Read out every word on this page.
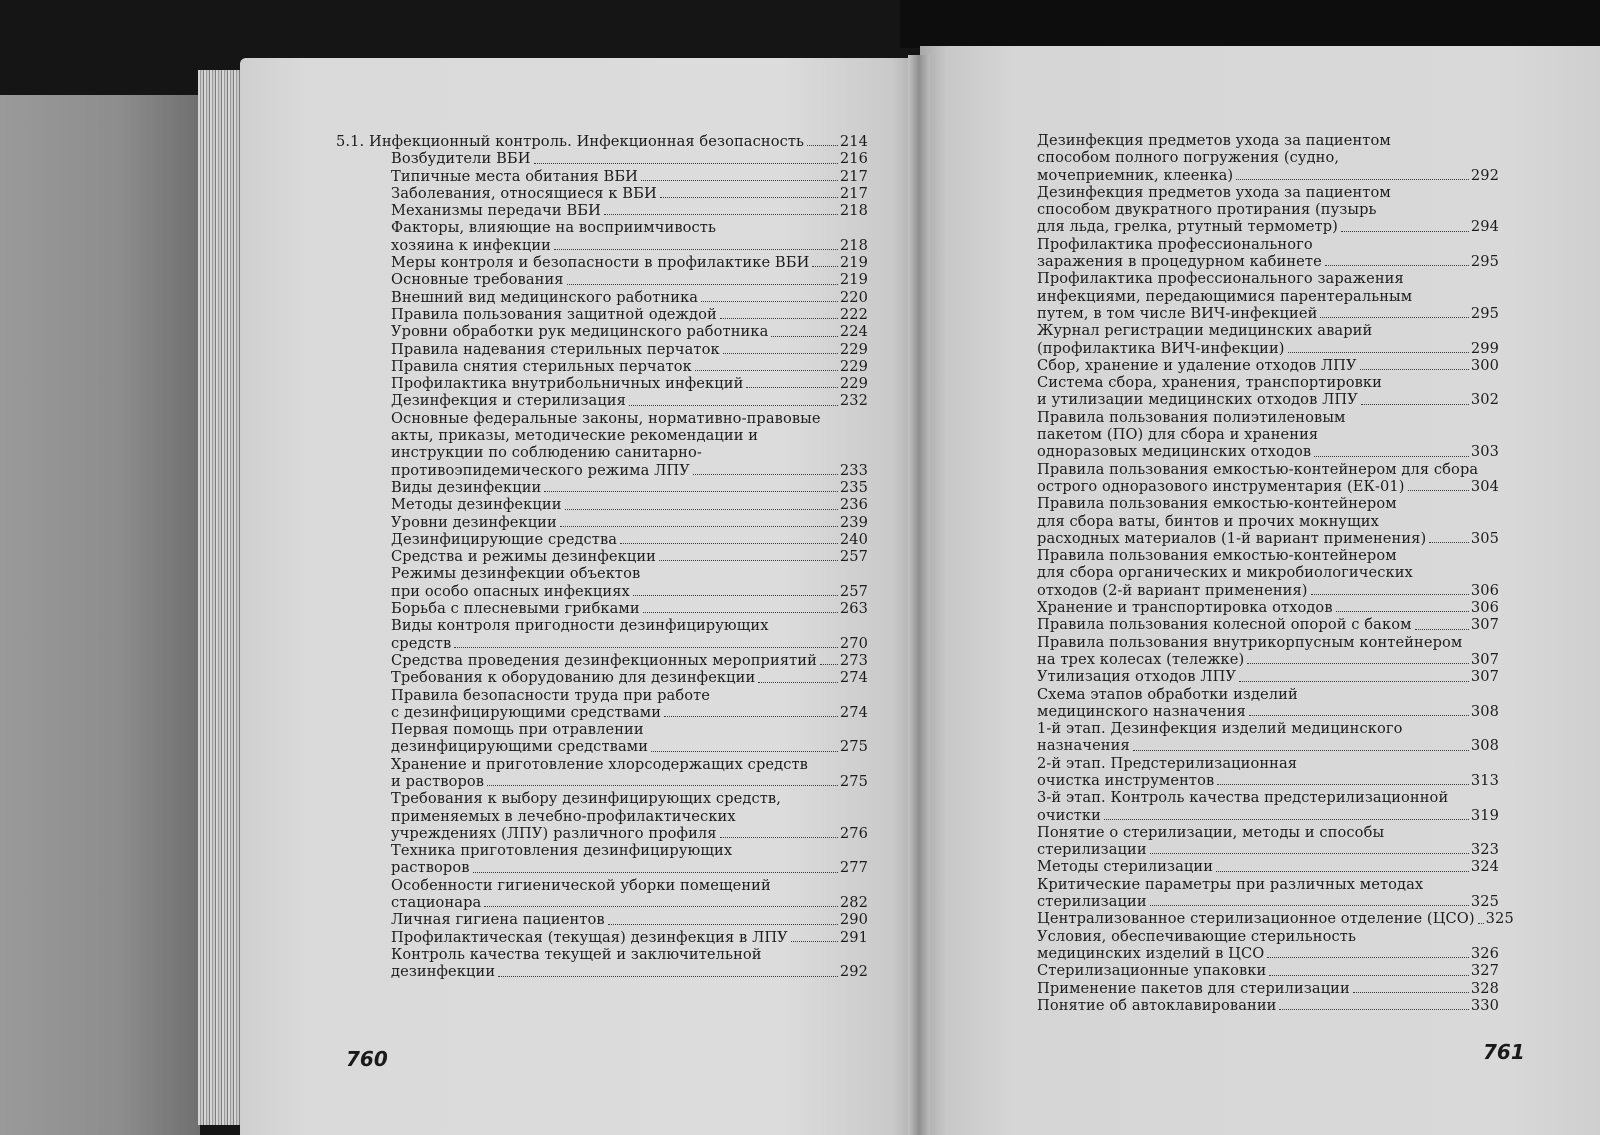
5.1. Инфекционный контроль. Инфекционная безопасность 214
Возбудители ВБИ	216
Типичные места обитания ВБИ	217
Заболевания, относящиеся к ВБИ	217
Механизмы передачи ВБИ	218
Факторы, влияющие на восприимчивость
хозяина к инфекции	218
Меры контроля и безопасности в профилактике ВБИ 219
Основные требования	219
Внешний вид медицинского работника	220
Правила пользования защитной одеждой	222
Уровни обработки рук медицинского работника	224
Правила надевания стерильных перчаток	229
Правила снятия стерильных перчаток	229
Профилактика внутрибольничных инфекций	229
Дезинфекция и стерилизация	232
Основные федеральные законы, нормативно-правовые
акты, приказы, методические рекомендации и
инструкции по соблюдению санитарно-
противоэпидемического режима ЛПУ	233
Виды дезинфекции	235
Методы дезинфекции	236
Уровни дезинфекции	239
Дезинфицирующие средства	240
Средства и режимы дезинфекции	257
Режимы дезинфекции объектов
при особо опасных инфекциях	257
Борьба с плесневыми грибками	263
Виды контроля пригодности дезинфицирующих
средств	270
Средства проведения дезинфекционных мероприятий 273
Требования к оборудованию для дезинфекции	274
Правила безопасности труда при работе
с дезинфицирующими средствами	274
Первая помощь при отравлении
дезинфицирующими средствами	275
Хранение и приготовление хлорсодержащих средств
и растворов	275
Требования к выбору дезинфицирующих средств,
применяемых в лечебно-профилактических
учреждениях (ЛПУ) различного профиля	276
Техника приготовления дезинфицирующих
растворов	277
Особенности гигиенической уборки помещений
стационара	282
Личная гигиена пациентов	290
Профилактическая (текущая) дезинфекция в ЛПУ	291
Контроль качества текущей и заключительной
дезинфекции	292
Дезинфекция предметов ухода за пациентом
способом полного погружения (судно,
мочеприемник, клеенка)	292
Дезинфекция предметов ухода за пациентом
способом двукратного протирания (пузырь
для льда, грелка, ртутный термометр)	294
Профилактика профессионального
заражения в процедурном кабинете	295
Профилактика профессионального заражения
инфекциями, передающимися парентеральным
путем, в том числе ВИЧ-инфекцией	295
Журнал регистрации медицинских аварий
(профилактика ВИЧ-инфекции)	299
Сбор, хранение и удаление отходов ЛПУ	300
Система сбора, хранения, транспортировки
и утилизации медицинских отходов ЛПУ	302
Правила пользования полиэтиленовым
пакетом (ПО) для сбора и хранения
одноразовых медицинских отходов	303
Правила пользования емкостью-контейнером для сбора
острого одноразового инструментария (ЕК-01)	304
Правила пользования емкостью-контейнером
для сбора ваты, бинтов и прочих мокнущих
расходных материалов (1-й вариант применения)	305
Правила пользования емкостью-контейнером
для сбора органических и микробиологических
отходов (2-й вариант применения)	306
Хранение и транспортировка отходов	306
Правила пользования колесной опорой с баком	307
Правила пользования внутрикорпусным контейнером
на трех колесах (тележке)	307
Утилизация отходов ЛПУ	307
Схема этапов обработки изделий
медицинского назначения	308
1-й этап. Дезинфекция изделий медицинского
назначения	308
2-й этап. Предстерилизационная
очистка инструментов	313
3-й этап. Контроль качества предстерилизационной
очистки	319
Понятие о стерилизации, методы и способы
стерилизации	323
Методы стерилизации	324
Критические параметры при различных методах
стерилизации	325
Централизованное стерилизационное отделение (ЦСО) 325
Условия, обеспечивающие стерильность
медицинских изделий в ЦСО	326
Стерилизационные упаковки	327
Применение пакетов для стерилизации	328
Понятие об автоклавировании	330
760	761
